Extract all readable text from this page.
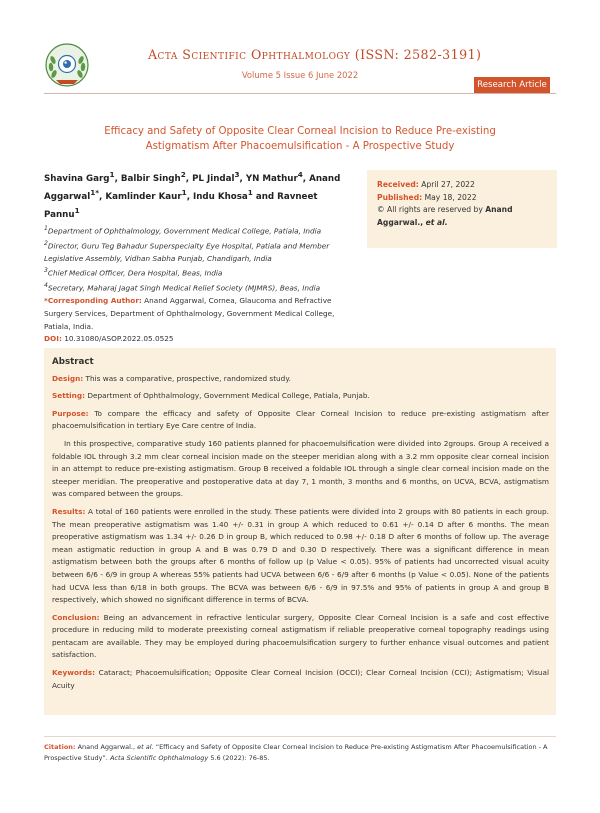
Acta Scientific Ophthalmology (ISSN: 2582-3191)
Volume 5 Issue 6 June 2022
Research Article
Efficacy and Safety of Opposite Clear Corneal Incision to Reduce Pre-existing
Astigmatism After Phacoemulsification - A Prospective Study
Shavina Garg$^1$, Balbir Singh$^2$, PL Jindal$^3$, YN Mathur$^4$, Anand Aggarwal$^{1*}$, Kamlinder Kaur$^1$, Indu Khosa$^1$ and Ravneet Pannu$^1$
$^1$Department of Ophthalmology, Government Medical College, Patiala, India
$^2$Director, Guru Teg Bahadur Superspecialty Eye Hospital, Patiala and Member Legislative Assembly, Vidhan Sabha Punjab, Chandigarh, India
$^3$Chief Medical Officer, Dera Hospital, Beas, India
$^4$Secretary, Maharaj Jagat Singh Medical Relief Society (MJMRS), Beas, India
*Corresponding Author: Anand Aggarwal, Cornea, Glaucoma and Refractive Surgery Services, Department of Ophthalmology, Government Medical College, Patiala, India.
DOI: 10.31080/ASOP.2022.05.0525
Received: April 27, 2022
Published: May 18, 2022
© All rights are reserved by Anand Aggarwal., et al.
Abstract

Design: This was a comparative, prospective, randomized study.

Setting: Department of Ophthalmology, Government Medical College, Patiala, Punjab.

Purpose: To compare the efficacy and safety of Opposite Clear Corneal Incision to reduce pre-existing astigmatism after phacoemulsification in tertiary Eye Care centre of India.

In this prospective, comparative study 160 patients planned for phacoemulsification were divided into 2groups. Group A received a foldable IOL through 3.2 mm clear corneal incision made on the steeper meridian along with a 3.2 mm opposite clear corneal incision in an attempt to reduce pre-existing astigmatism. Group B received a foldable IOL through a single clear corneal incision made on the steeper meridian. The preoperative and postoperative data at day 7, 1 month, 3 months and 6 months, on UCVA, BCVA, astigmatism was compared between the groups.

Results: A total of 160 patients were enrolled in the study. These patients were divided into 2 groups with 80 patients in each group. The mean preoperative astigmatism was 1.40 +/- 0.31 in group A which reduced to 0.61 +/- 0.14 D after 6 months. The mean preoperative astigmatism was 1.34 +/- 0.26 D in group B, which reduced to 0.98 +/- 0.18 D after 6 months of follow up. The average mean astigmatic reduction in group A and B was 0.79 D and 0.30 D respectively. There was a significant difference in mean astigmatism between both the groups after 6 months of follow up (p Value < 0.05). 95% of patients had uncorrected visual acuity between 6/6 - 6/9 in group A whereas 55% patients had UCVA between 6/6 - 6/9 after 6 months (p Value < 0.05). None of the patients had UCVA less than 6/18 in both groups. The BCVA was between 6/6 - 6/9 in 97.5% and 95% of patients in group A and group B respectively, which showed no significant difference in terms of BCVA.

Conclusion: Being an advancement in refractive lenticular surgery, Opposite Clear Corneal Incision is a safe and cost effective procedure in reducing mild to moderate preexisting corneal astigmatism if reliable preoperative corneal topography readings using pentacam are available. They may be employed during phacoemulsification surgery to further enhance visual outcomes and patient satisfaction.

Keywords: Cataract; Phacoemulsification; Opposite Clear Corneal Incision (OCCI); Clear Corneal Incision (CCI); Astigmatism; Visual Acuity

Citation: Anand Aggarwal., et al. “Efficacy and Safety of Opposite Clear Corneal Incision to Reduce Pre-existing Astigmatism After Phacoemulsification - A Prospective Study”. Acta Scientific Ophthalmology 5.6 (2022): 76-85.
